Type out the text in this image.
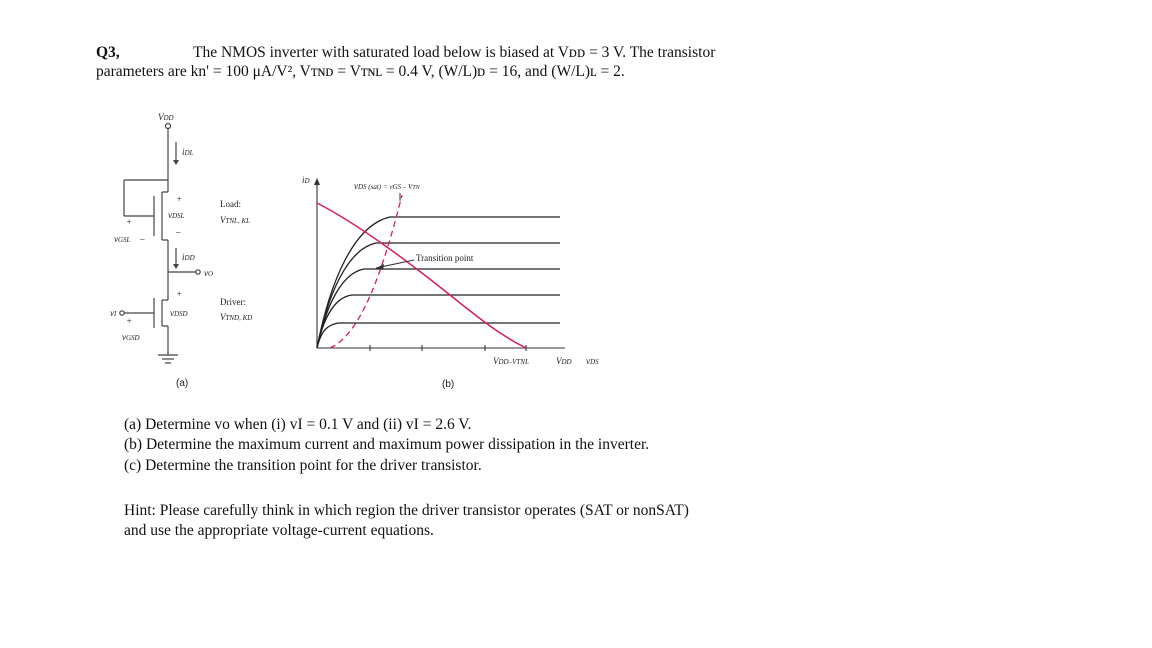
Q3,	The NMOS inverter with saturated load below is biased at Vᴅᴅ = 3 V. The transistor
parameters are kn' = 100 μA/V², Vᴛɴᴅ = Vᴛɴʟ = 0.4 V, (W/L)ᴅ = 16, and (W/L)ʟ = 2.
VDD
iDL
+
vDSL
–
+
vGSL –
iDD
vO
+
vDSD
vI
+
vGSD
Load:
VTNL, KL
Driver:
VTND, KD
(a)
iD	vDS (sat) = vGS – VTN
VDD–VTNL	VDD vDS
Transition point
(b)
(a) Determine vo when (i) vI = 0.1 V and (ii) vI = 2.6 V.
(b) Determine the maximum current and maximum power dissipation in the inverter.
(c) Determine the transition point for the driver transistor.
Hint: Please carefully think in which region the driver transistor operates (SAT or nonSAT)
and use the appropriate voltage-current equations.
